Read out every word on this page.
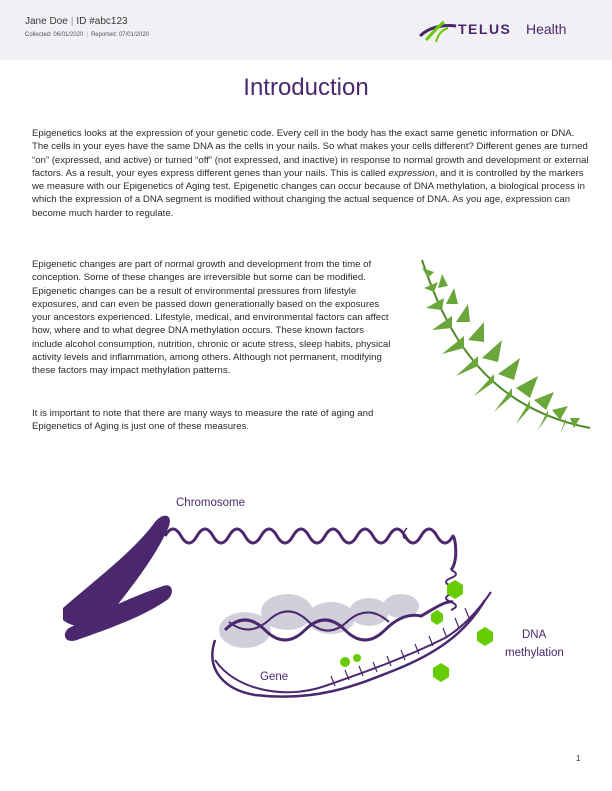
Jane Doe | ID #abc123
Collected: 06/01/2020 | Reported: 07/01/2020	TELUS Health
Introduction

Epigenetics looks at the expression of your genetic code. Every cell in the body has the exact same genetic information or DNA. The cells in your eyes have the same DNA as the cells in your nails. So what makes your cells different? Different genes are turned “on” (expressed, and active) or turned “off” (not expressed, and inactive) in response to normal growth and development or external factors. As a result, your eyes express different genes than your nails. This is called expression, and it is controlled by the markers we measure with our Epigenetics of Aging test. Epigenetic changes can occur because of DNA methylation, a biological process in which the expression of a DNA segment is modified without changing the actual sequence of DNA. As you age, expression can become much harder to regulate.

Epigenetic changes are part of normal growth and development from the time of conception. Some of these changes are irreversible but some can be modified. Epigenetic changes can be a result of environmental pressures from lifestyle exposures, and can even be passed down generationally based on the exposures your ancestors experienced. Lifestyle, medical, and environmental factors can affect how, where and to what degree DNA methylation occurs. These known factors include alcohol consumption, nutrition, chronic or acute stress, sleep habits, physical activity levels and inflammation, among others. Although not permanent, modifying these factors may impact methylation patterns.

It is important to note that there are many ways to measure the rate of aging and Epigenetics of Aging is just one of these measures.

Chromosome
Gene
DNA
methylation
1
